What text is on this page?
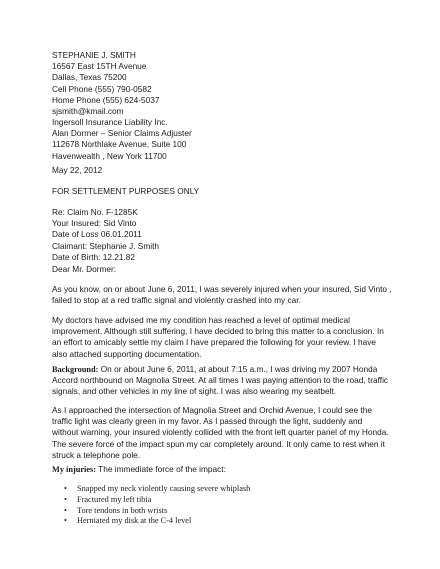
STEPHANIE J. SMITH
16567 East 15TH Avenue
Dallas, Texas 75200
Cell Phone (555) 790-0582
Home Phone (555) 624-5037
sjsmith@kmail.com
Ingersoll Insurance Liability Inc.
Alan Dormer – Senior Claims Adjuster
112678 Northlake Avenue, Suite 100
Havenwealth , New York 11700
May 22, 2012
FOR SETTLEMENT PURPOSES ONLY
Re: Claim No. F-1285K
Your Insured: Sid Vinto
Date of Loss 06.01.2011
Claimant: Stephanie J. Smith
Date of Birth: 12.21.82
Dear Mr. Dormer:
As you know, on or about June 6, 2011, I was severely injured when your insured, Sid Vinto ,
failed to stop at a red traffic signal and violently crashed into my car.
My doctors have advised me my condition has reached a level of optimal medical
improvement. Although still suffering, I have decided to bring this matter to a conclusion. In
an effort to amicably settle my claim I have prepared the following for your review. I have
also attached supporting documentation.
Background: On or about June 6, 2011, at about 7:15 a.m., I was driving my 2007 Honda
Accord northbound on Magnolia Street. At all times I was paying attention to the road, traffic
signals, and other vehicles in my line of sight. I was also wearing my seatbelt.
As I approached the intersection of Magnolia Street and Orchid Avenue, I could see the
traffic light was clearly green in my favor. As I passed through the light, suddenly and
without warning, your insured violently collided with the front left quarter panel of my Honda.
The severe force of the impact spun my car completely around. It only came to rest when it
struck a telephone pole.
My injuries: The immediate force of the impact:
• Snapped my neck violently causing severe whiplash
• Fractured my left tibia
• Tore tendons in both wrists
• Herniated my disk at the C-4 level
